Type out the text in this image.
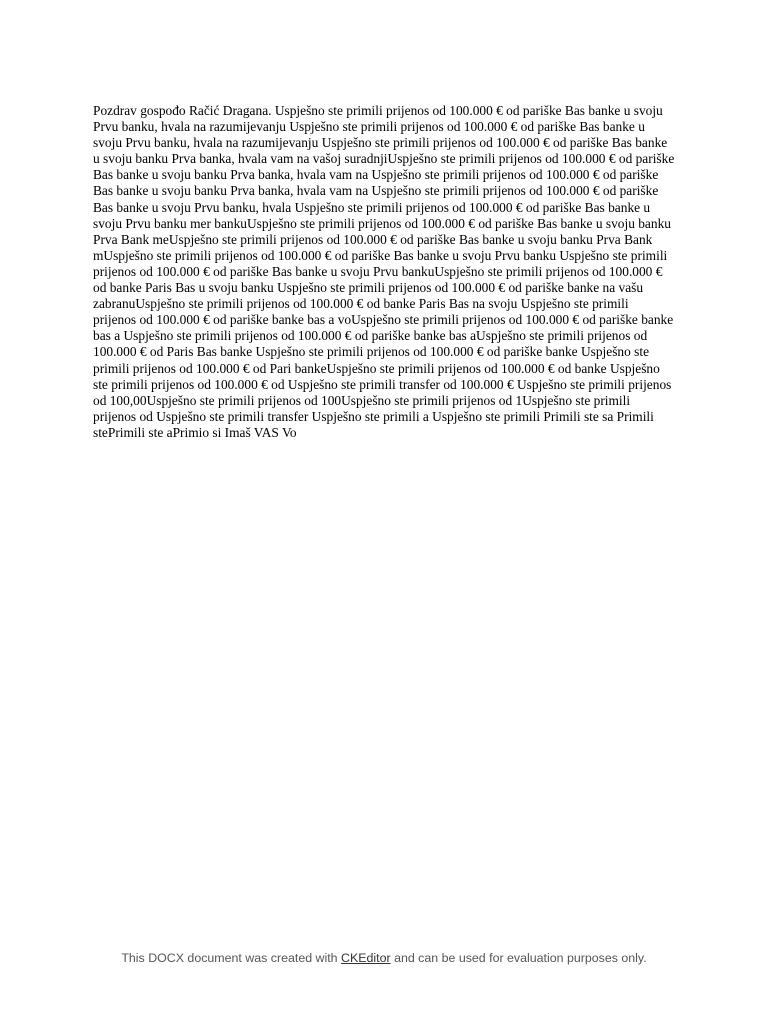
Pozdrav gospođo Račić Dragana. Uspješno ste primili prijenos od 100.000 € od pariške Bas banke u svoju Prvu banku, hvala na razumijevanju Uspješno ste primili prijenos od 100.000 € od pariške Bas banke u svoju Prvu banku, hvala na razumijevanju Uspješno ste primili prijenos od 100.000 € od pariške Bas banke u svoju banku Prva banka, hvala vam na vašoj suradnjiUspješno ste primili prijenos od 100.000 € od pariške Bas banke u svoju banku Prva banka, hvala vam na Uspješno ste primili prijenos od 100.000 € od pariške Bas banke u svoju banku Prva banka, hvala vam na Uspješno ste primili prijenos od 100.000 € od pariške Bas banke u svoju Prvu banku, hvala Uspješno ste primili prijenos od 100.000 € od pariške Bas banke u svoju Prvu banku mer bankuUspješno ste primili prijenos od 100.000 € od pariške Bas banke u svoju banku Prva Bank meUspješno ste primili prijenos od 100.000 € od pariške Bas banke u svoju banku Prva Bank mUspješno ste primili prijenos od 100.000 € od pariške Bas banke u svoju Prvu banku Uspješno ste primili prijenos od 100.000 € od pariške Bas banke u svoju Prvu bankuUspješno ste primili prijenos od 100.000 € od banke Paris Bas u svoju banku Uspješno ste primili prijenos od 100.000 € od pariške banke na vašu zabranuUspješno ste primili prijenos od 100.000 € od banke Paris Bas na svoju Uspješno ste primili prijenos od 100.000 € od pariške banke bas a voUspješno ste primili prijenos od 100.000 € od pariške banke bas a Uspješno ste primili prijenos od 100.000 € od pariške banke bas aUspješno ste primili prijenos od 100.000 € od Paris Bas banke Uspješno ste primili prijenos od 100.000 € od pariške banke Uspješno ste primili prijenos od 100.000 € od Pari bankeUspješno ste primili prijenos od 100.000 € od banke Uspješno ste primili prijenos od 100.000 € od Uspješno ste primili transfer od 100.000 € Uspješno ste primili prijenos od 100,00Uspješno ste primili prijenos od 100Uspješno ste primili prijenos od 1Uspješno ste primili prijenos od Uspješno ste primili transfer Uspješno ste primili a Uspješno ste primili Primili ste sa Primili stePrimili ste aPrimio si Imaš VAS Vo

This DOCX document was created with CKEditor and can be used for evaluation purposes only.
